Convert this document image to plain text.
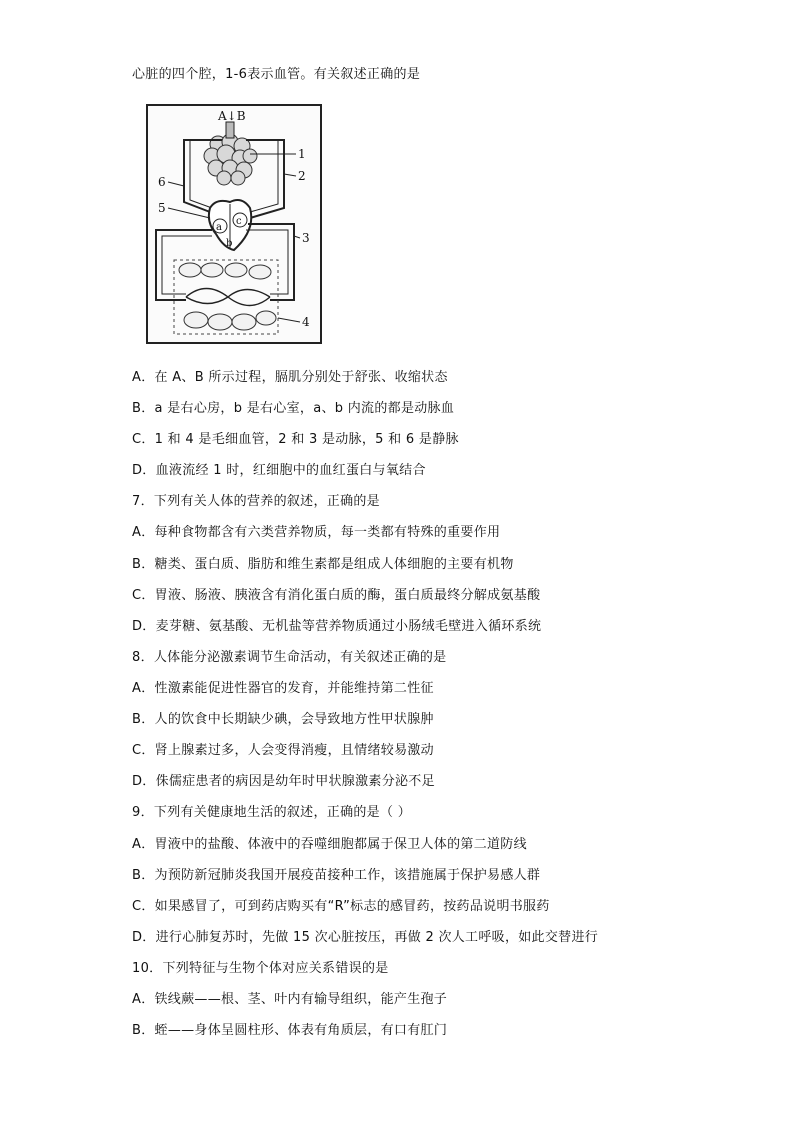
心脏的四个腔，1-6表示血管。有关叙述正确的是
A↓B
1
2
3
4
5
6
a
c
b
A．在 A、B 所示过程，膈肌分别处于舒张、收缩状态
B．a 是右心房，b 是右心室，a、b 内流的都是动脉血
C．1 和 4 是毛细血管，2 和 3 是动脉，5 和 6 是静脉
D．血液流经 1 时，红细胞中的血红蛋白与氧结合
7．下列有关人体的营养的叙述，正确的是
A．每种食物都含有六类营养物质，每一类都有特殊的重要作用
B．糖类、蛋白质、脂肪和维生素都是组成人体细胞的主要有机物
C．胃液、肠液、胰液含有消化蛋白质的酶，蛋白质最终分解成氨基酸
D．麦芽糖、氨基酸、无机盐等营养物质通过小肠绒毛壁进入循环系统
8．人体能分泌激素调节生命活动，有关叙述正确的是
A．性激素能促进性器官的发育，并能维持第二性征
B．人的饮食中长期缺少碘，会导致地方性甲状腺肿
C．肾上腺素过多，人会变得消瘦，且情绪较易激动
D．侏儒症患者的病因是幼年时甲状腺激素分泌不足
9．下列有关健康地生活的叙述，正确的是（ ）
A．胃液中的盐酸、体液中的吞噬细胞都属于保卫人体的第二道防线
B．为预防新冠肺炎我国开展疫苗接种工作，该措施属于保护易感人群
C．如果感冒了，可到药店购买有“R”标志的感冒药，按药品说明书服药
D．进行心肺复苏时，先做 15 次心脏按压，再做 2 次人工呼吸，如此交替进行
10．下列特征与生物个体对应关系错误的是
A．铁线蕨——根、茎、叶内有输导组织，能产生孢子
B．蛭——身体呈圆柱形、体表有角质层，有口有肛门
